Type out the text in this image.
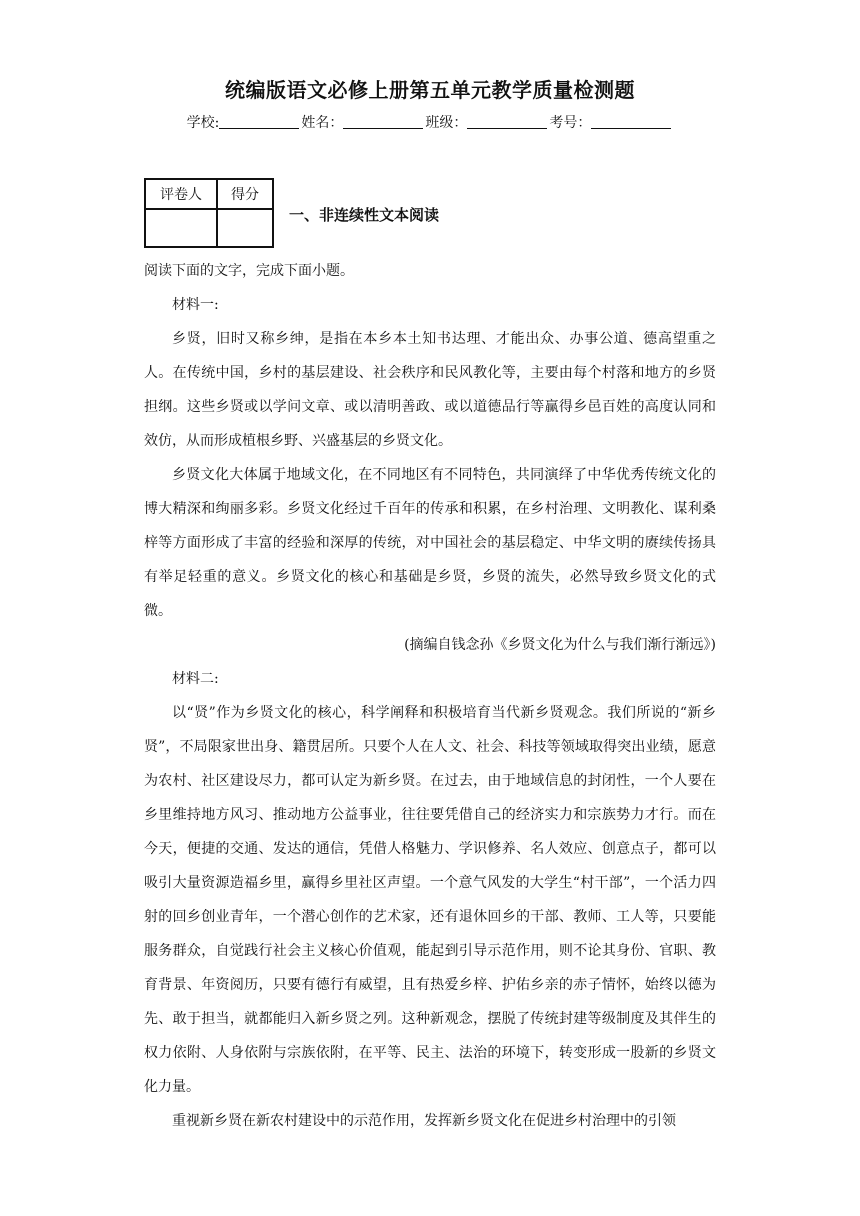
统编版语文必修上册第五单元教学质量检测题
学校:	姓名：	班级：	考号：
评卷人	得分

一、非连续性文本阅读

阅读下面的文字，完成下面小题。

材料一:

乡贤，旧时又称乡绅，是指在本乡本土知书达理、才能出众、办事公道、德高望重之人。在传统中国，乡村的基层建设、社会秩序和民风教化等，主要由每个村落和地方的乡贤担纲。这些乡贤或以学问文章、或以清明善政、或以道德品行等赢得乡邑百姓的高度认同和效仿，从而形成植根乡野、兴盛基层的乡贤文化。

乡贤文化大体属于地域文化，在不同地区有不同特色，共同演绎了中华优秀传统文化的博大精深和绚丽多彩。乡贤文化经过千百年的传承和积累，在乡村治理、文明教化、谋利桑梓等方面形成了丰富的经验和深厚的传统，对中国社会的基层稳定、中华文明的赓续传扬具有举足轻重的意义。乡贤文化的核心和基础是乡贤，乡贤的流失，必然导致乡贤文化的式微。

(摘编自钱念孙《乡贤文化为什么与我们渐行渐远》)

材料二:

以“贤”作为乡贤文化的核心，科学阐释和积极培育当代新乡贤观念。我们所说的“新乡贤”，不局限家世出身、籍贯居所。只要个人在人文、社会、科技等领域取得突出业绩，愿意为农村、社区建设尽力，都可认定为新乡贤。在过去，由于地域信息的封闭性，一个人要在乡里维持地方风习、推动地方公益事业，往往要凭借自己的经济实力和宗族势力才行。而在今天，便捷的交通、发达的通信，凭借人格魅力、学识修养、名人效应、创意点子，都可以吸引大量资源造福乡里，赢得乡里社区声望。一个意气风发的大学生“村干部”，一个活力四射的回乡创业青年，一个潜心创作的艺术家，还有退休回乡的干部、教师、工人等，只要能服务群众，自觉践行社会主义核心价值观，能起到引导示范作用，则不论其身份、官职、教育背景、年资阅历，只要有德行有威望，且有热爱乡梓、护佑乡亲的赤子情怀，始终以德为先、敢于担当，就都能归入新乡贤之列。这种新观念，摆脱了传统封建等级制度及其伴生的权力依附、人身依附与宗族依附，在平等、民主、法治的环境下，转变形成一股新的乡贤文化力量。

重视新乡贤在新农村建设中的示范作用，发挥新乡贤文化在促进乡村治理中的引领
